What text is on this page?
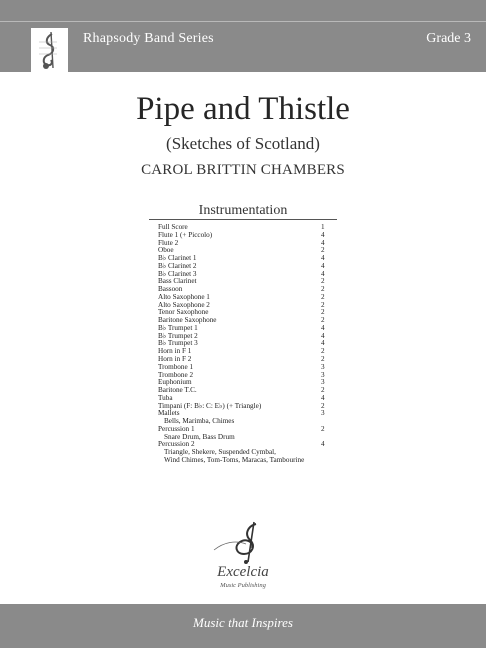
Rhapsody Band Series	Grade 3
Pipe and Thistle
(Sketches of Scotland)
CAROL BRITTIN CHAMBERS
Instrumentation
Full Score	1
Flute 1 (+ Piccolo)	4
Flute 2	4
Oboe	2
B♭ Clarinet 1	4
B♭ Clarinet 2	4
B♭ Clarinet 3	4
Bass Clarinet	2
Bassoon	2
Alto Saxophone 1	2
Alto Saxophone 2	2
Tenor Saxophone	2
Baritone Saxophone	2
B♭ Trumpet 1	4
B♭ Trumpet 2	4
B♭ Trumpet 3	4
Horn in F 1	2
Horn in F 2	2
Trombone 1	3
Trombone 2	3
Euphonium	3
Baritone T.C.	2
Tuba	4
Timpani (F: B♭: C: E♭) (+ Triangle)	2
Mallets	3
Bells, Marimba, Chimes
Percussion 1	2
Snare Drum, Bass Drum
Percussion 2	4
Triangle, Shekere, Suspended Cymbal,
Wind Chimes, Tom-Toms, Maracas, Tambourine
Excelcia
Music Publishing
Music that Inspires
